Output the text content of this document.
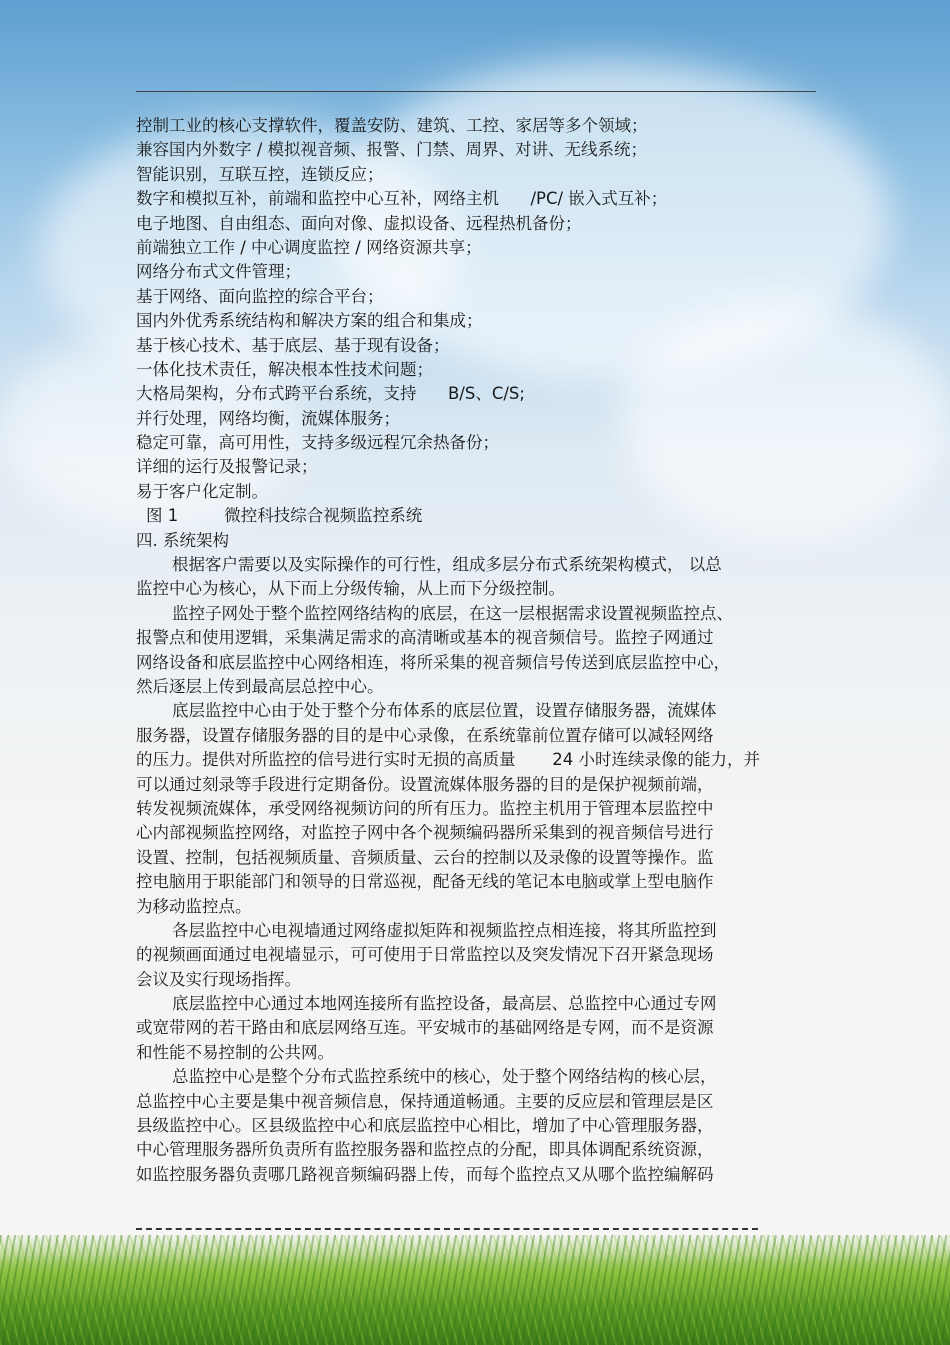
控制工业的核心支撑软件，覆盖安防、建筑、工控、家居等多个领域；
兼容国内外数字 / 模拟视音频、报警、门禁、周界、对讲、无线系统；
智能识别，互联互控，连锁反应；
数字和模拟互补，前端和监控中心互补，网络主机      /PC/ 嵌入式互补；
电子地图、自由组态、面向对像、虚拟设备、远程热机备份；
前端独立工作 / 中心调度监控 / 网络资源共享；
网络分布式文件管理；
基于网络、面向监控的综合平台；
国内外优秀系统结构和解决方案的组合和集成；
基于核心技术、基于底层、基于现有设备；
一体化技术责任，解决根本性技术问题；
大格局架构，分布式跨平台系统，支持      B/S、C/S;
并行处理，网络均衡，流媒体服务；
稳定可靠，高可用性，支持多级远程冗余热备份；
详细的运行及报警记录；
易于客户化定制。
图 1	微控科技综合视频监控系统
四. 系统架构
根据客户需要以及实际操作的可行性，组成多层分布式系统架构模式， 以总
监控中心为核心，从下而上分级传输，从上而下分级控制。
监控子网处于整个监控网络结构的底层，在这一层根据需求设置视频监控点、
报警点和使用逻辑，采集满足需求的高清晰或基本的视音频信号。监控子网通过
网络设备和底层监控中心网络相连，将所采集的视音频信号传送到底层监控中心，
然后逐层上传到最高层总控中心。
底层监控中心由于处于整个分布体系的底层位置，设置存储服务器，流媒体
服务器，设置存储服务器的目的是中心录像，在系统靠前位置存储可以减轻网络
的压力。提供对所监控的信号进行实时无损的高质量       24 小时连续录像的能力，并
可以通过刻录等手段进行定期备份。设置流媒体服务器的目的是保护视频前端，
转发视频流媒体，承受网络视频访问的所有压力。监控主机用于管理本层监控中
心内部视频监控网络，对监控子网中各个视频编码器所采集到的视音频信号进行
设置、控制，包括视频质量、音频质量、云台的控制以及录像的设置等操作。监
控电脑用于职能部门和领导的日常巡视，配备无线的笔记本电脑或掌上型电脑作
为移动监控点。
各层监控中心电视墙通过网络虚拟矩阵和视频监控点相连接，将其所监控到
的视频画面通过电视墙显示，可可使用于日常监控以及突发情况下召开紧急现场
会议及实行现场指挥。
底层监控中心通过本地网连接所有监控设备，最高层、总监控中心通过专网
或宽带网的若干路由和底层网络互连。平安城市的基础网络是专网，而不是资源
和性能不易控制的公共网。
总监控中心是整个分布式监控系统中的核心，处于整个网络结构的核心层，
总监控中心主要是集中视音频信息，保持通道畅通。主要的反应层和管理层是区
县级监控中心。区县级监控中心和底层监控中心相比，增加了中心管理服务器，
中心管理服务器所负责所有监控服务器和监控点的分配，即具体调配系统资源，
如监控服务器负责哪几路视音频编码器上传，而每个监控点又从哪个监控编解码
